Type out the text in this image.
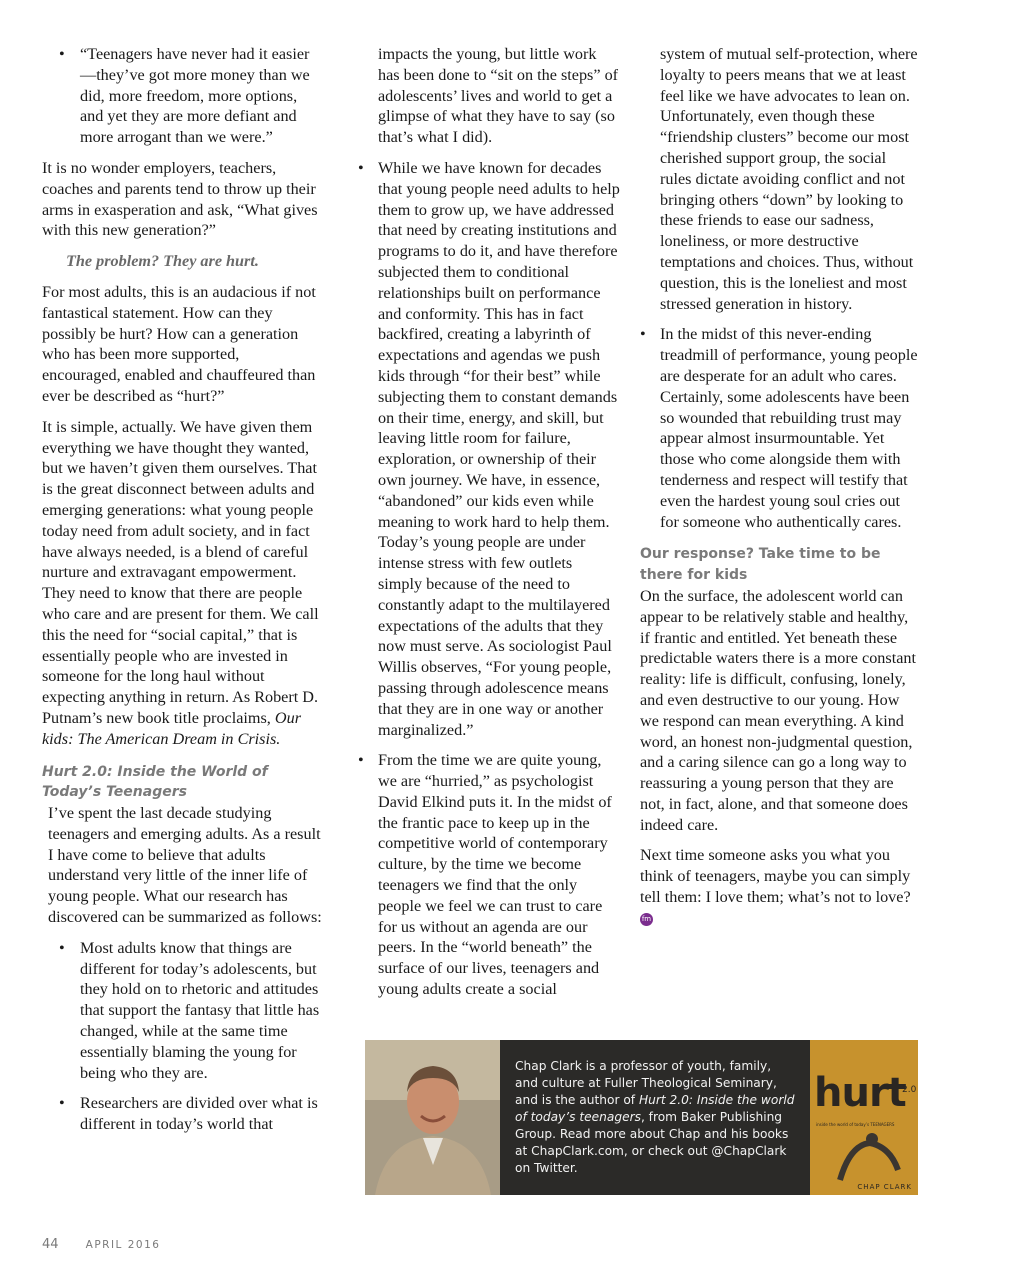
• “Teenagers have never had it easier—they’ve got more money than we did, more freedom, more options, and yet they are more defiant and more arrogant than we were.”

It is no wonder employers, teachers, coaches and parents tend to throw up their arms in exasperation and ask, “What gives with this new generation?”

The problem? They are hurt.

For most adults, this is an audacious if not fantastical statement. How can they possibly be hurt? How can a generation who has been more supported, encouraged, enabled and chauffeured than ever be described as “hurt?”

It is simple, actually. We have given them everything we have thought they wanted, but we haven’t given them ourselves. That is the great disconnect between adults and emerging generations: what young people today need from adult society, and in fact have always needed, is a blend of careful nurture and extravagant empowerment. They need to know that there are people who care and are present for them. We call this the need for “social capital,” that is essentially people who are invested in someone for the long haul without expecting anything in return. As Robert D. Putnam’s new book title proclaims, Our kids: The American Dream in Crisis.

Hurt 2.0: Inside the World of Today’s Teenagers

I’ve spent the last decade studying teenagers and emerging adults. As a result I have come to believe that adults understand very little of the inner life of young people. What our research has discovered can be summarized as follows:

• Most adults know that things are different for today’s adolescents, but they hold on to rhetoric and attitudes that support the fantasy that little has changed, while at the same time essentially blaming the young for being who they are.
• Researchers are divided over what is different in today’s world that

impacts the young, but little work has been done to “sit on the steps” of adolescents’ lives and world to get a glimpse of what they have to say (so that’s what I did).

• While we have known for decades that young people need adults to help them to grow up, we have addressed that need by creating institutions and programs to do it, and have therefore subjected them to conditional relationships built on performance and conformity. This has in fact backfired, creating a labyrinth of expectations and agendas we push kids through “for their best” while subjecting them to constant demands on their time, energy, and skill, but leaving little room for failure, exploration, or ownership of their own journey. We have, in essence, “abandoned” our kids even while meaning to work hard to help them. Today’s young people are under intense stress with few outlets simply because of the need to constantly adapt to the multilayered expectations of the adults that they now must serve. As sociologist Paul Willis observes, “For young people, passing through adolescence means that they are in one way or another marginalized.”
• From the time we are quite young, we are “hurried,” as psychologist David Elkind puts it. In the midst of the frantic pace to keep up in the competitive world of contemporary culture, by the time we become teenagers we find that the only people we feel we can trust to care for us without an agenda are our peers. In the “world beneath” the surface of our lives, teenagers and young adults create a social

system of mutual self-protection, where loyalty to peers means that we at least feel like we have advocates to lean on. Unfortunately, even though these “friendship clusters” become our most cherished support group, the social rules dictate avoiding conflict and not bringing others “down” by looking to these friends to ease our sadness, loneliness, or more destructive temptations and choices. Thus, without question, this is the loneliest and most stressed generation in history.

• In the midst of this never-ending treadmill of performance, young people are desperate for an adult who cares. Certainly, some adolescents have been so wounded that rebuilding trust may appear almost insurmountable. Yet those who come alongside them with tenderness and respect will testify that even the hardest young soul cries out for someone who authentically cares.
Our response? Take time to be there for kids

On the surface, the adolescent world can appear to be relatively stable and healthy, if frantic and entitled. Yet beneath these predictable waters there is a more constant reality: life is difficult, confusing, lonely, and even destructive to our young. How we respond can mean everything. A kind word, an honest non-judgmental question, and a caring silence can go a long way to reassuring a young person that they are not, in fact, alone, and that someone does indeed care.

Next time someone asks you what you think of teenagers, maybe you can simply tell them: I love them; what’s not to love? fm

Chap Clark is a professor of youth, family, and culture at Fuller Theological Seminary, and is the author of Hurt 2.0: Inside the world of today’s teenagers, from Baker Publishing Group. Read more about Chap and his books at ChapClark.com, or check out @ChapClark on Twitter.
hurt
2.0
inside the world of today’s TEENAGERS
CHAP CLARK
44	APRIL 2016
